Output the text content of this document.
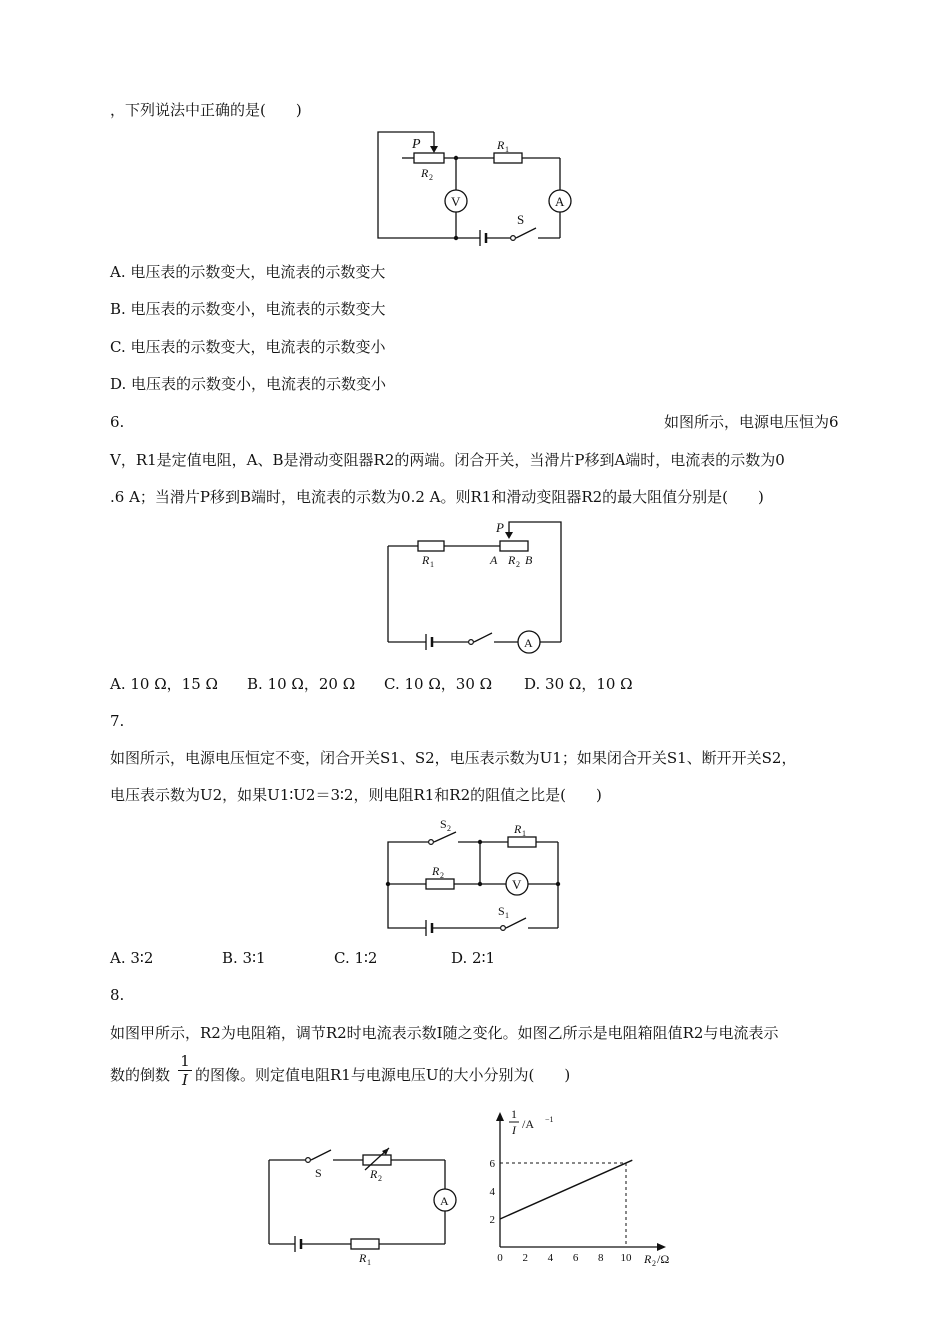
，下列说法中正确的是(　　)
P
R 2
R 1
V	A
S
A. 电压表的示数变大，电流表的示数变大
B. 电压表的示数变小，电流表的示数变大
C. 电压表的示数变大，电流表的示数变小
D. 电压表的示数变小，电流表的示数变小
6.	如图所示，电源电压恒为6
V，R1是定值电阻，A、B是滑动变阻器R2的两端。闭合开关，当滑片P移到A端时，电流表的示数为0
.6 A；当滑片P移到B端时，电流表的示数为0.2 A。则R1和滑动变阻器R2的最大阻值分别是(　　)
P
R 1	A R 2 B
A
A. 10 Ω，15 Ω B. 10 Ω，20 Ω C. 10 Ω，30 Ω D. 30 Ω，10 Ω
7.
如图所示，电源电压恒定不变，闭合开关S1、S2，电压表示数为U1；如果闭合开关S1、断开开关S2，
电压表示数为U2，如果U1∶U2＝3∶2，则电阻R1和R2的阻值之比是(　　)
S 2	R 1
R 2
V
S 1
A. 3∶2	B. 3∶1	C. 1∶2	D. 2∶1
8.
如图甲所示，R2为电阻箱，调节R2时电流表示数I随之变化。如图乙所示是电阻箱阻值R2与电流表示
数的倒数 $\frac{1}{I}$ 的图像。则定值电阻R1与电源电压U的大小分别为(　　)
S	R 2
A
R 1
1
I /A −1
R 2 /Ω
0 2 4 6 8 10
2
4
6
